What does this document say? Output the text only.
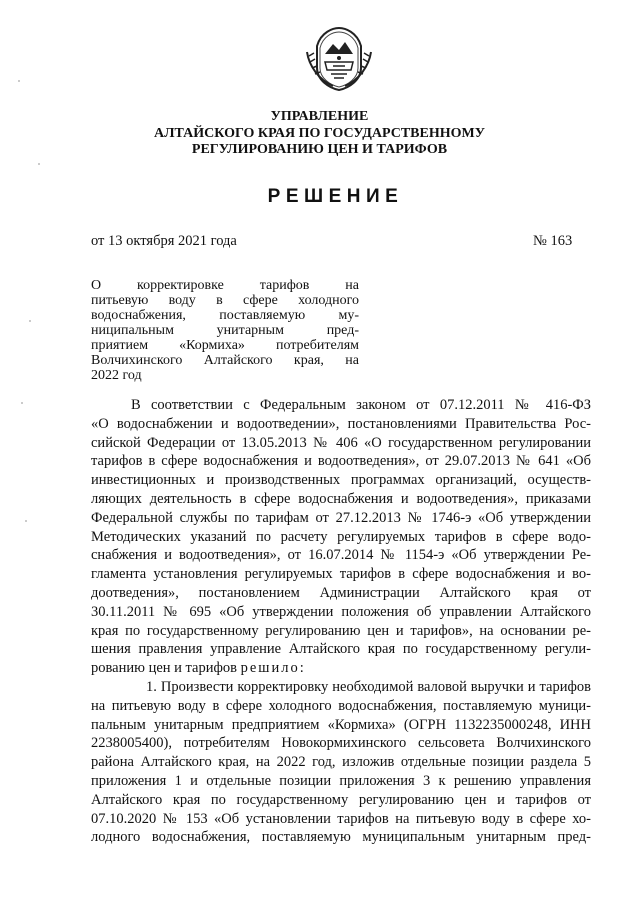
УПРАВЛЕНИЕ
АЛТАЙСКОГО КРАЯ ПО ГОСУДАРСТВЕННОМУ
РЕГУЛИРОВАНИЮ ЦЕН И ТАРИФОВ
РЕШЕНИЕ
от 13 октября 2021 года	№ 163
О корректировке тарифов на
питьевую воду в сфере холодного
водоснабжения, поставляемую му-
ниципальным унитарным пред-
приятием «Кормиха» потребителям
Волчихинского Алтайского края, на
2022 год
В соответствии с Федеральным законом от 07.12.2011 № 416-ФЗ
«О водоснабжении и водоотведении», постановлениями Правительства Рос-
сийской Федерации от 13.05.2013 № 406 «О государственном регулировании
тарифов в сфере водоснабжения и водоотведения», от 29.07.2013 № 641 «Об
инвестиционных и производственных программах организаций, осуществ-
ляющих деятельность в сфере водоснабжения и водоотведения», приказами
Федеральной службы по тарифам от 27.12.2013 № 1746-э «Об утверждении
Методических указаний по расчету регулируемых тарифов в сфере водо-
снабжения и водоотведения», от 16.07.2014 № 1154-э «Об утверждении Ре-
гламента установления регулируемых тарифов в сфере водоснабжения и во-
доотведения», постановлением Администрации Алтайского края от
30.11.2011 № 695 «Об утверждении положения об управлении Алтайского
края по государственному регулированию цен и тарифов», на основании ре-
шения правления управление Алтайского края по государственному регули-
рованию цен и тарифов решило:
1. Произвести корректировку необходимой валовой выручки и тарифов
на питьевую воду в сфере холодного водоснабжения, поставляемую муници-
пальным унитарным предприятием «Кормиха» (ОГРН 1132235000248, ИНН
2238005400), потребителям Новокормихинского сельсовета Волчихинского
района Алтайского края, на 2022 год, изложив отдельные позиции раздела 5
приложения 1 и отдельные позиции приложения 3 к решению управления
Алтайского края по государственному регулированию цен и тарифов от
07.10.2020 № 153 «Об установлении тарифов на питьевую воду в сфере хо-
лодного водоснабжения, поставляемую муниципальным унитарным пред-
